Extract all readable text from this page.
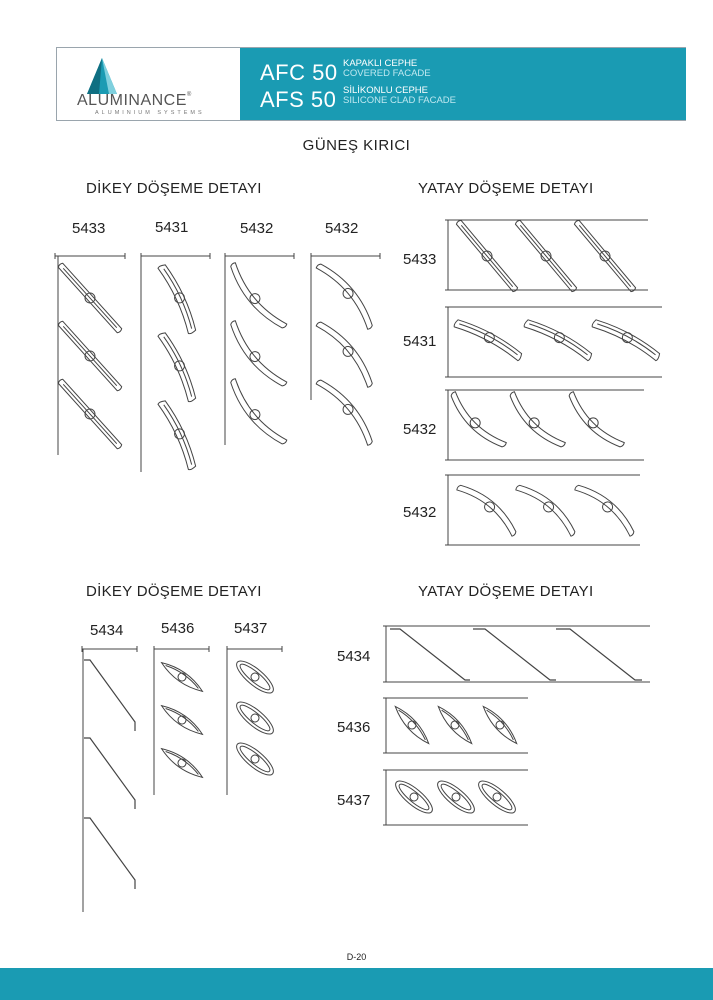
ALUMINANCE®
ALUMINIUM SYSTEMS
AFC 50 KAPAKLI CEPHE
COVERED FACADE
AFS 50 SİLİKONLU CEPHE
SILICONE CLAD FACADE
GÜNEŞ KIRICI
DİKEY DÖŞEME DETAYI	YATAY DÖŞEME DETAYI
DİKEY DÖŞEME DETAYI	YATAY DÖŞEME DETAYI
5433	5431	5432	5432
5433
5431
5432
5432
5434	5436	5437
5434
5436
5437
D-20
